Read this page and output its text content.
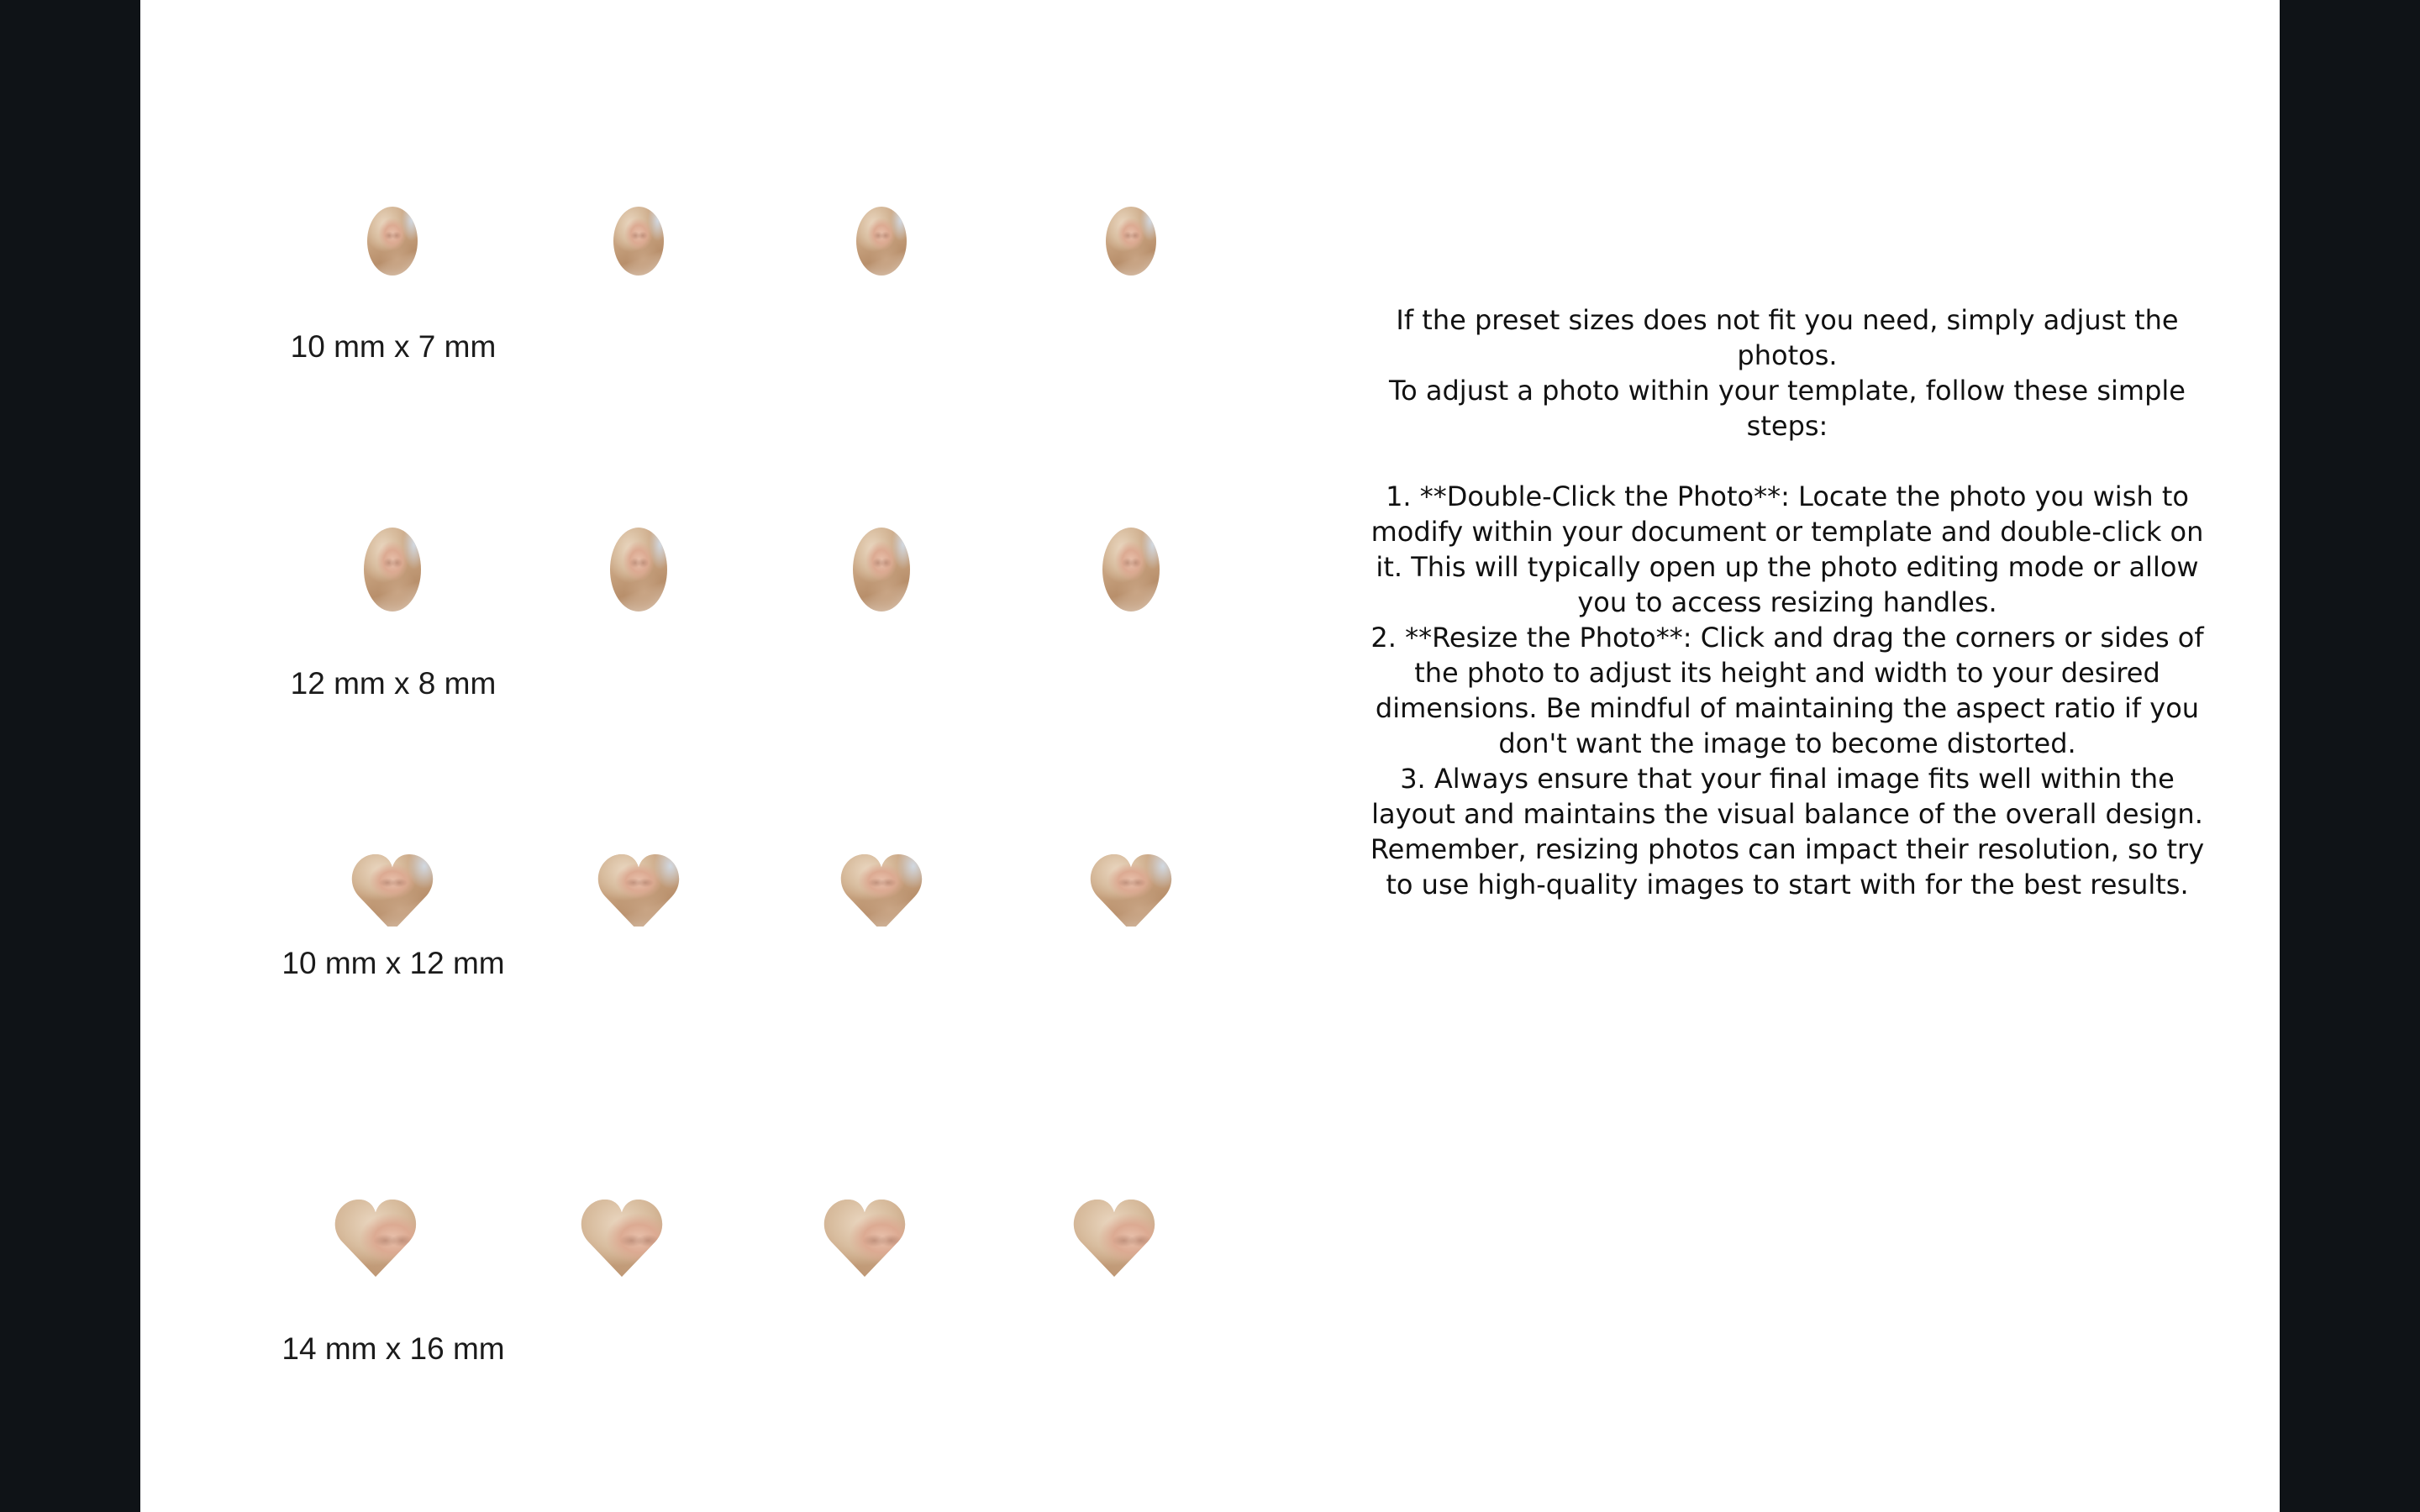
10 mm x 7 mm
12 mm x 8 mm
10 mm x 12 mm
14 mm x 16 mm

If the preset sizes does not fit you need, simply adjust the photos.

To adjust a photo within your template, follow these simple steps:

1. **Double-Click the Photo**: Locate the photo you wish to modify within your document or template and double-click on it. This will typically open up the photo editing mode or allow you to access resizing handles.
2. **Resize the Photo**: Click and drag the corners or sides of the photo to adjust its height and width to your desired dimensions. Be mindful of maintaining the aspect ratio if you don't want the image to become distorted.
3. Always ensure that your final image fits well within the layout and maintains the visual balance of the overall design. Remember, resizing photos can impact their resolution, so try to use high-quality images to start with for the best results.
